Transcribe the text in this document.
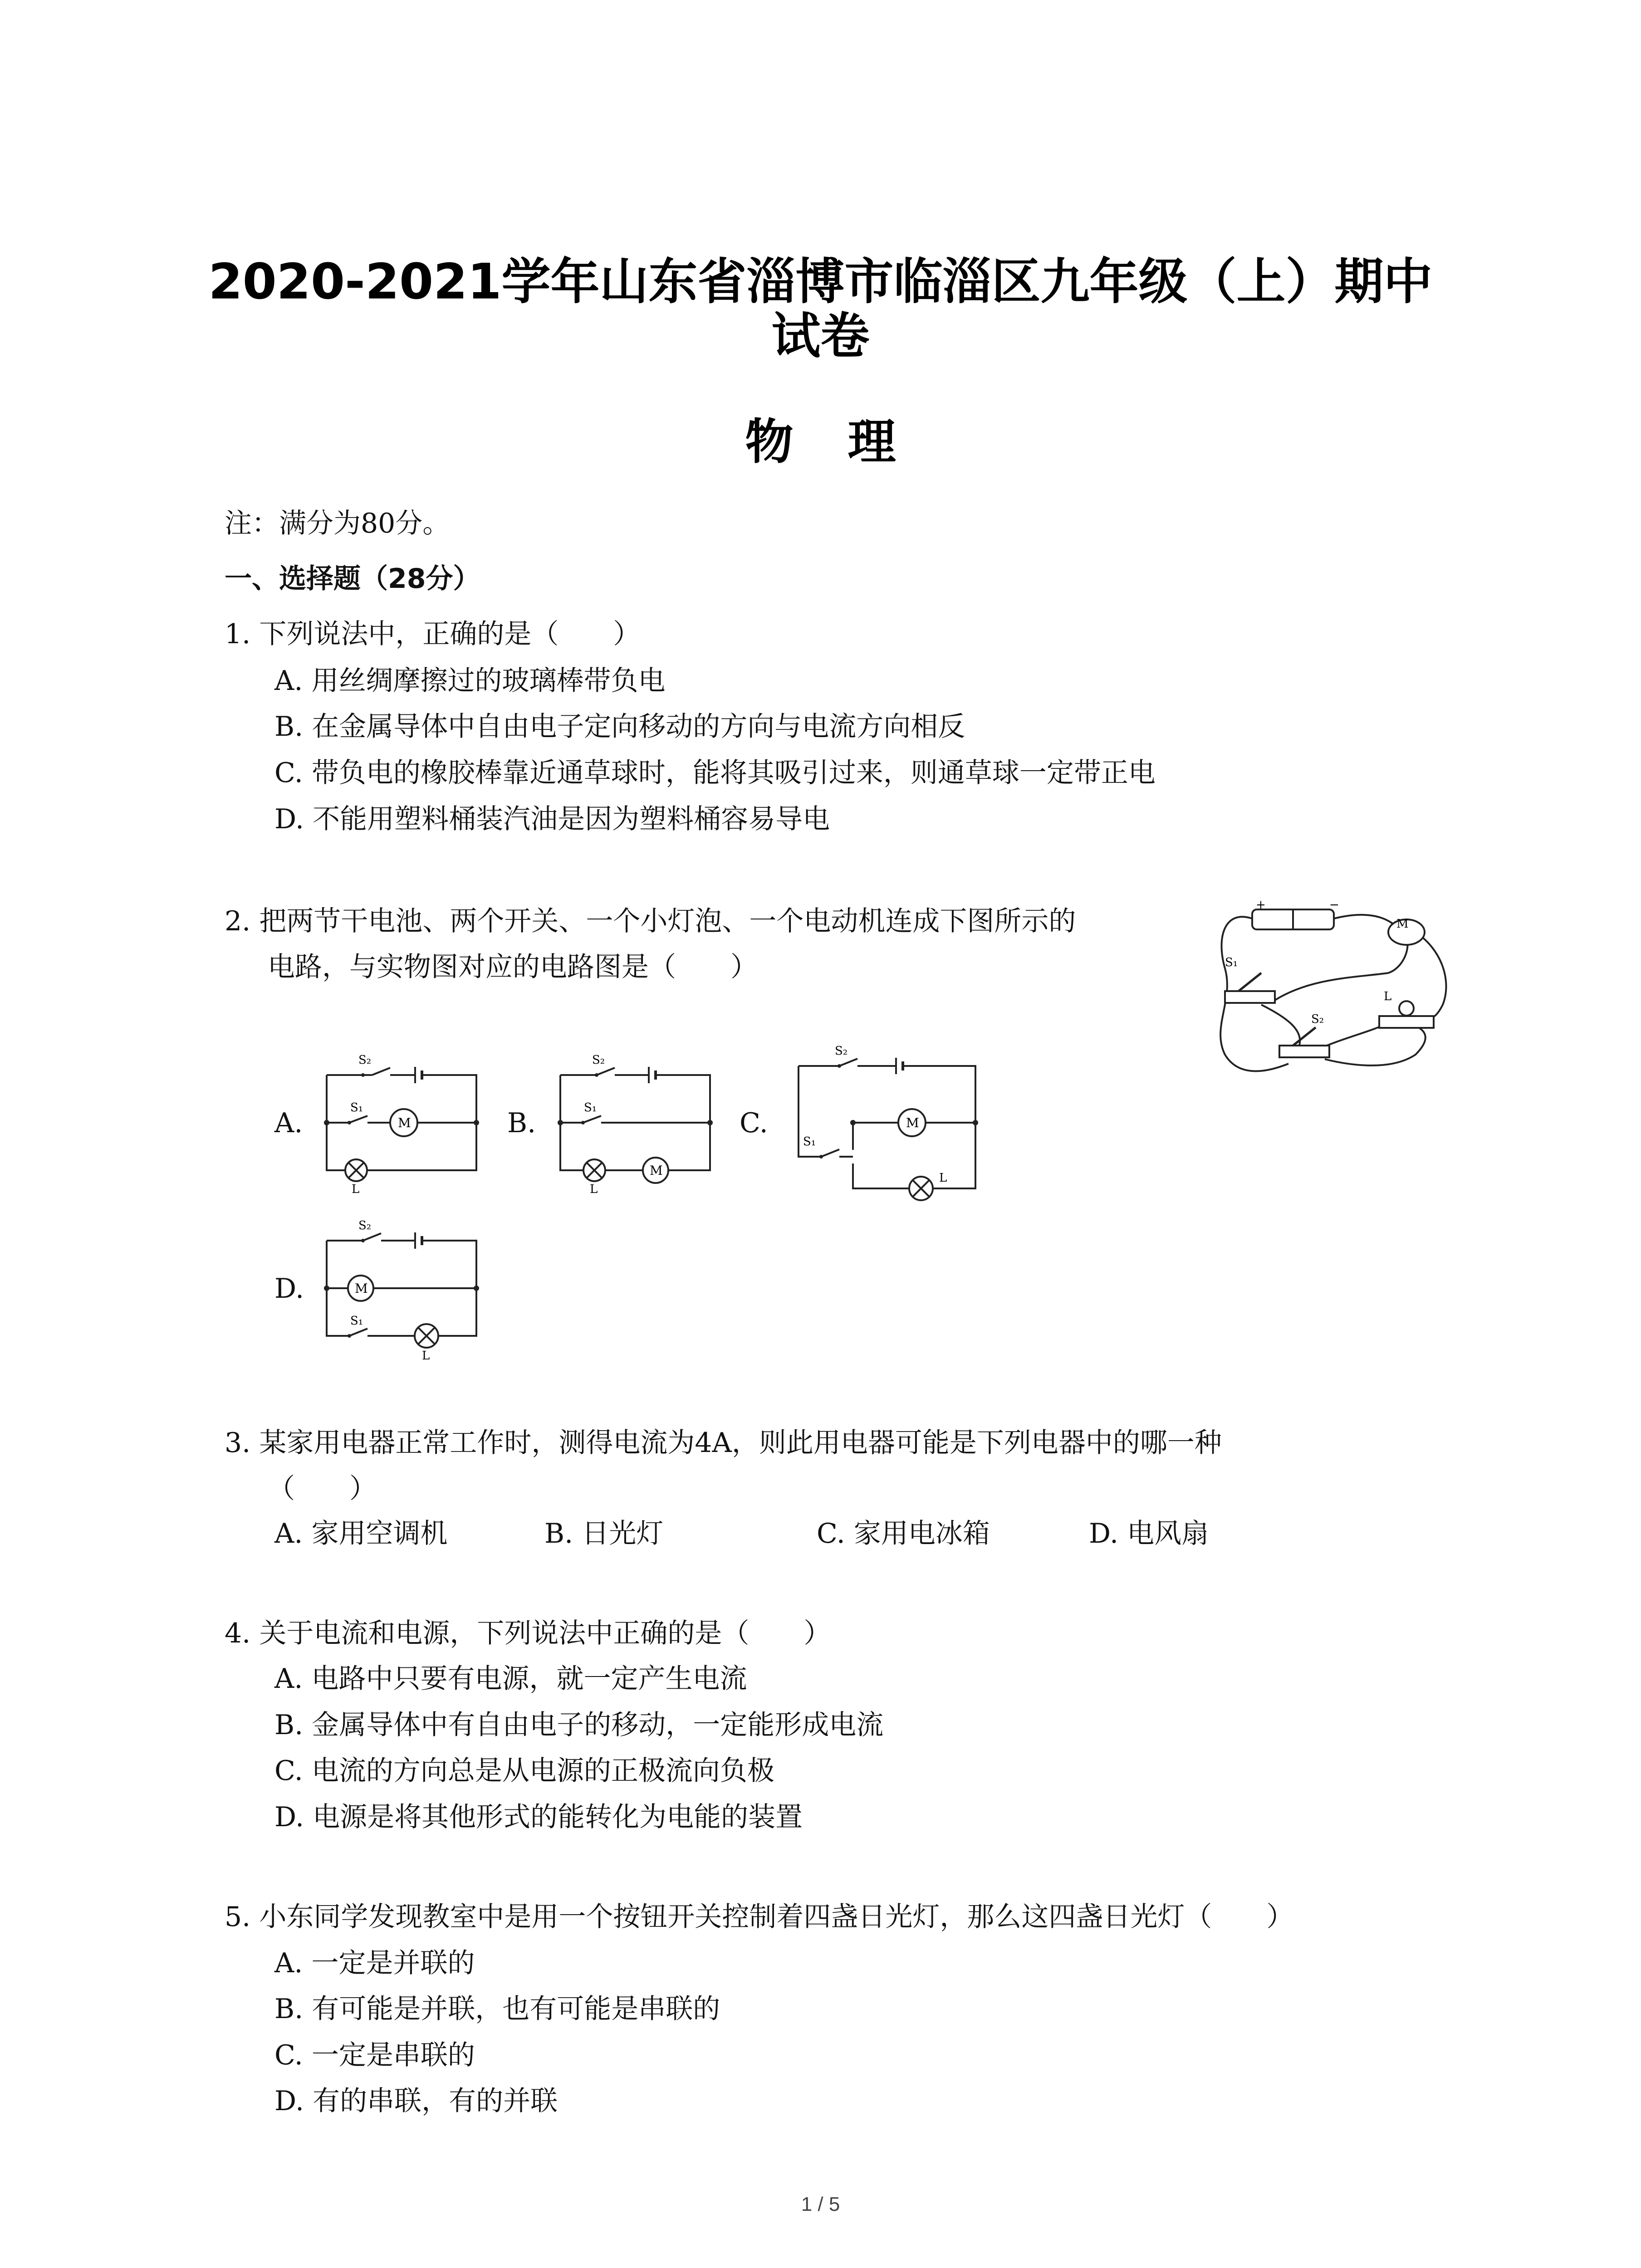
2020-2021学年山东省淄博市临淄区九年级（上）期中
试卷
物理
注：满分为80分。
一、选择题（28分）
1. 下列说法中，正确的是（　　）
A. 用丝绸摩擦过的玻璃棒带负电
B. 在金属导体中自由电子定向移动的方向与电流方向相反
C. 带负电的橡胶棒靠近通草球时，能将其吸引过来，则通草球一定带正电
D. 不能用塑料桶装汽油是因为塑料桶容易导电
2. 把两节干电池、两个开关、一个小灯泡、一个电动机连成下图所示的
电路，与实物图对应的电路图是（　　）
+	−
M
S₁
S₂
L
A.
S₂
S₁
M
L
B.
S₂
S₁
L
M
C.
S₂
S₁
M
L
D.
S₂
M
S₁
L
3. 某家用电器正常工作时，测得电流为4A，则此用电器可能是下列电器中的哪一种
（　　）
A. 家用空调机	B. 日光灯	C. 家用电冰箱	D. 电风扇
4. 关于电流和电源，下列说法中正确的是（　　）
A. 电路中只要有电源，就一定产生电流
B. 金属导体中有自由电子的移动，一定能形成电流
C. 电流的方向总是从电源的正极流向负极
D. 电源是将其他形式的能转化为电能的装置
5. 小东同学发现教室中是用一个按钮开关控制着四盏日光灯，那么这四盏日光灯（　　）
A. 一定是并联的
B. 有可能是并联，也有可能是串联的
C. 一定是串联的
D. 有的串联，有的并联
1 / 5
